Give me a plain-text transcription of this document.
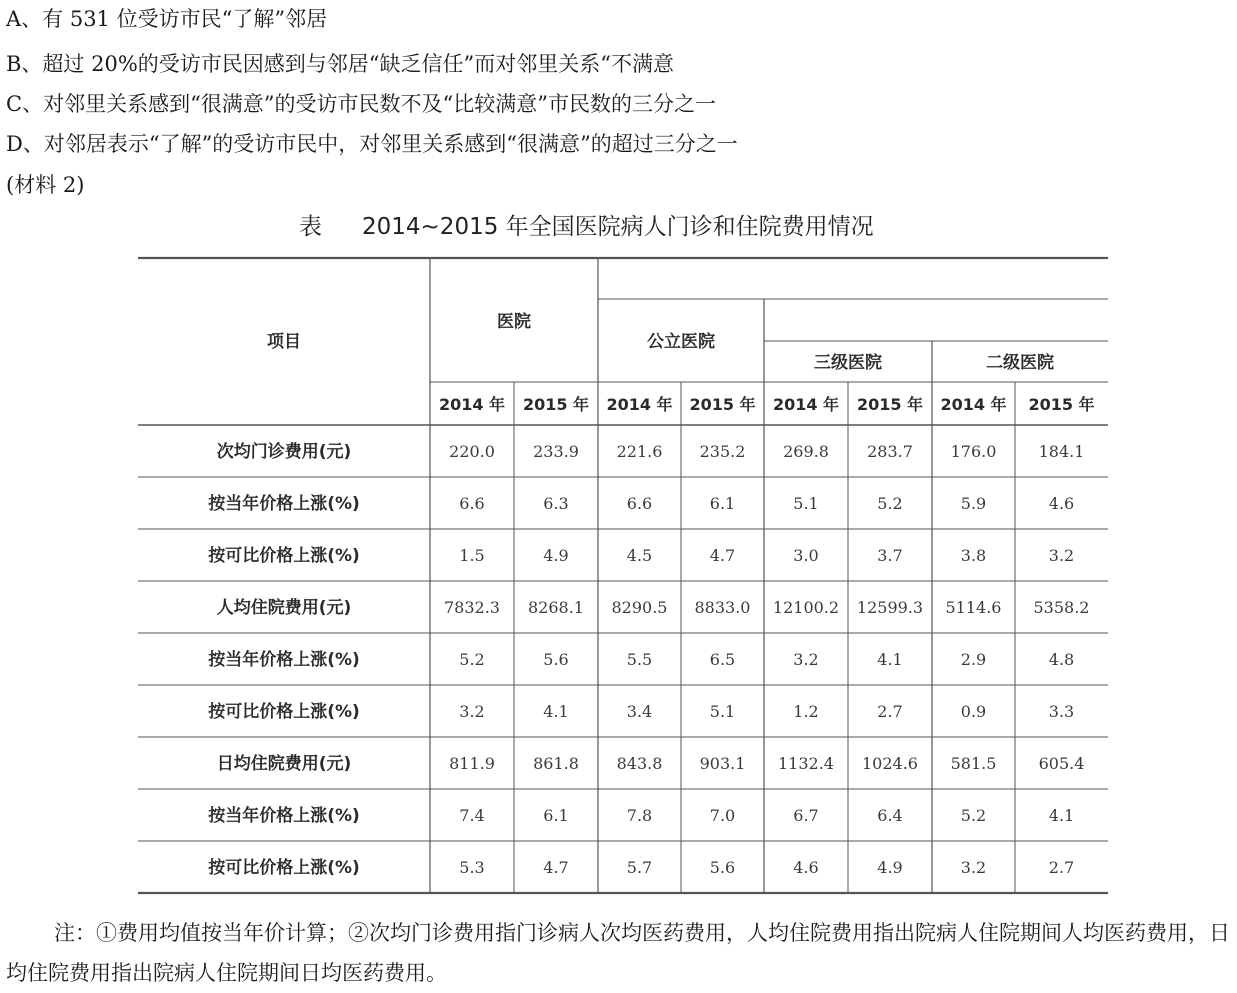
A、有 531 位受访市民“了解”邻居
B、超过 20%的受访市民因感到与邻居“缺乏信任”而对邻里关系“不满意
C、对邻里关系感到“很满意”的受访市民数不及“比较满意”市民数的三分之一
D、对邻居表示“了解”的受访市民中，对邻里关系感到“很满意”的超过三分之一
(材料 2)
表 2014~2015 年全国医院病人门诊和住院费用情况
项目
医院
公立医院
三级医院	二级医院
2014 年 2015 年 2014 年 2015 年 2014 年 2015 年 2014 年 2015 年
次均门诊费用(元)	220.0 233.9 221.6 235.2 269.8 283.7 176.0	184.1
按当年价格上涨(%)	6.6	6.3	6.6	6.1	5.1	5.2	5.9	4.6
按可比价格上涨(%)	1.5	4.9	4.5	4.7	3.0	3.7	3.8	3.2
人均住院费用(元)	7832.3 8268.1 8290.5 8833.0 12100.2 12599.3 5114.6 5358.2
按当年价格上涨(%)	5.2	5.6	5.5	6.5	3.2	4.1	2.9	4.8
按可比价格上涨(%)	3.2	4.1	3.4	5.1	1.2	2.7	0.9	3.3
日均住院费用(元)	811.9 861.8 843.8 903.1 1132.4 1024.6 581.5	605.4
按当年价格上涨(%)	7.4	6.1	7.8	7.0	6.7	6.4	5.2	4.1
按可比价格上涨(%)	5.3	4.7	5.7	5.6	4.6	4.9	3.2	2.7
注：①费用均值按当年价计算；②次均门诊费用指门诊病人次均医药费用，人均住院费用指出院病人住院期间人均医药费用，日均住院费用指出院病人住院期间日均医药费用。
